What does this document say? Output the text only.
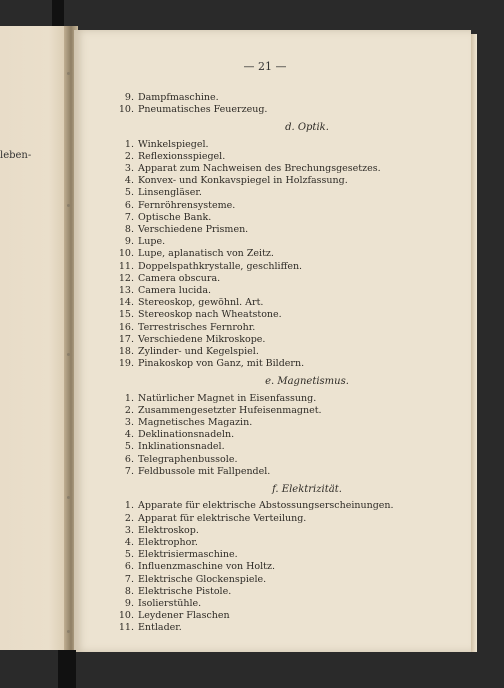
leben-
— 21 —
9. Dampfmaschine.
10. Pneumatisches Feuerzeug.
d. Optik.
1. Winkelspiegel.
2. Reflexionsspiegel.
3. Apparat zum Nachweisen des Brechungsgesetzes.
4. Konvex- und Konkavspiegel in Holzfassung.
5. Linsengläser.
6. Fernröhrensysteme.
7. Optische Bank.
8. Verschiedene Prismen.
9. Lupe.
10. Lupe, aplanatisch von Zeitz.
11. Doppelspathkrystalle, geschliffen.
12. Camera obscura.
13. Camera lucida.
14. Stereoskop, gewöhnl. Art.
15. Stereoskop nach Wheatstone.
16. Terrestrisches Fernrohr.
17. Verschiedene Mikroskope.
18. Zylinder- und Kegelspiel.
19. Pinakoskop von Ganz, mit Bildern.
e. Magnetismus.
1. Natürlicher Magnet in Eisenfassung.
2. Zusammengesetzter Hufeisenmagnet.
3. Magnetisches Magazin.
4. Deklinationsnadeln.
5. Inklinationsnadel.
6. Telegraphenbussole.
7. Feldbussole mit Fallpendel.
f. Elektrizität.
1. Apparate für elektrische Abstossungserscheinungen.
2. Apparat für elektrische Verteilung.
3. Elektroskop.
4. Elektrophor.
5. Elektrisiermaschine.
6. Influenzmaschine von Holtz.
7. Elektrische Glockenspiele.
8. Elektrische Pistole.
9. Isolierstühle.
10. Leydener Flaschen
11. Entlader.
